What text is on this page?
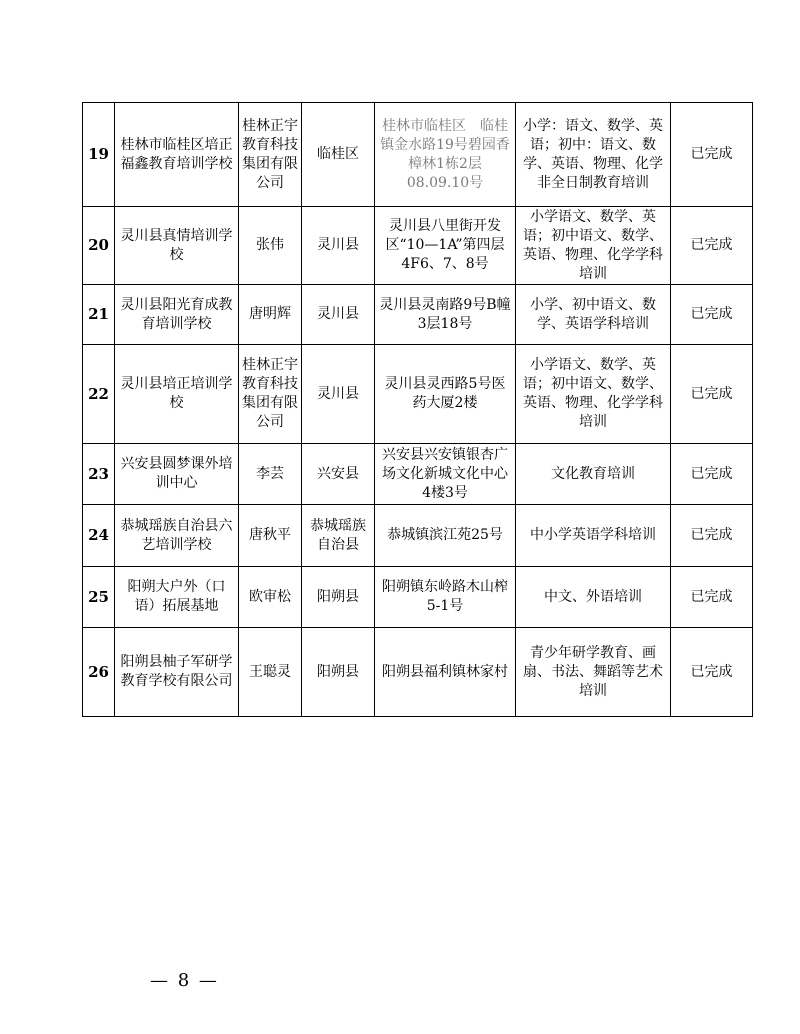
19	桂林市临桂区培正福鑫教育培训学校	桂林正宇教育科技集团有限公司	临桂区	桂林市临桂区　临桂镇金水路19号碧园香樟林1栋2层08.09.10号	小学：语文、数学、英语；初中：语文、数学、英语、物理、化学非全日制教育培训	已完成
20	灵川县真情培训学校	张伟	灵川县	灵川县八里街开发区“10—1A”第四层4F6、7、8号	小学语文、数学、英语；初中语文、数学、英语、物理、化学学科培训	已完成
21	灵川县阳光育成教育培训学校	唐明辉	灵川县	灵川县灵南路9号B幢3层18号	小学、初中语文、数学、英语学科培训	已完成
22	灵川县培正培训学校	桂林正宇教育科技集团有限公司	灵川县	灵川县灵西路5号医药大厦2楼	小学语文、数学、英语；初中语文、数学、英语、物理、化学学科培训	已完成
23	兴安县圆梦课外培训中心	李芸	兴安县	兴安县兴安镇银杏广场文化新城文化中心4楼3号	文化教育培训	已完成
24	恭城瑶族自治县六艺培训学校	唐秋平	恭城瑶族自治县	恭城镇滨江苑25号	中小学英语学科培训	已完成
25	阳朔大户外（口语）拓展基地	欧审松	阳朔县	阳朔镇东岭路木山榨5-1号	中文、外语培训	已完成
26	阳朔县柚子军研学教育学校有限公司	王聪灵	阳朔县	阳朔县福利镇林家村	青少年研学教育、画扇、书法、舞蹈等艺术培训	已完成
— 8 —
